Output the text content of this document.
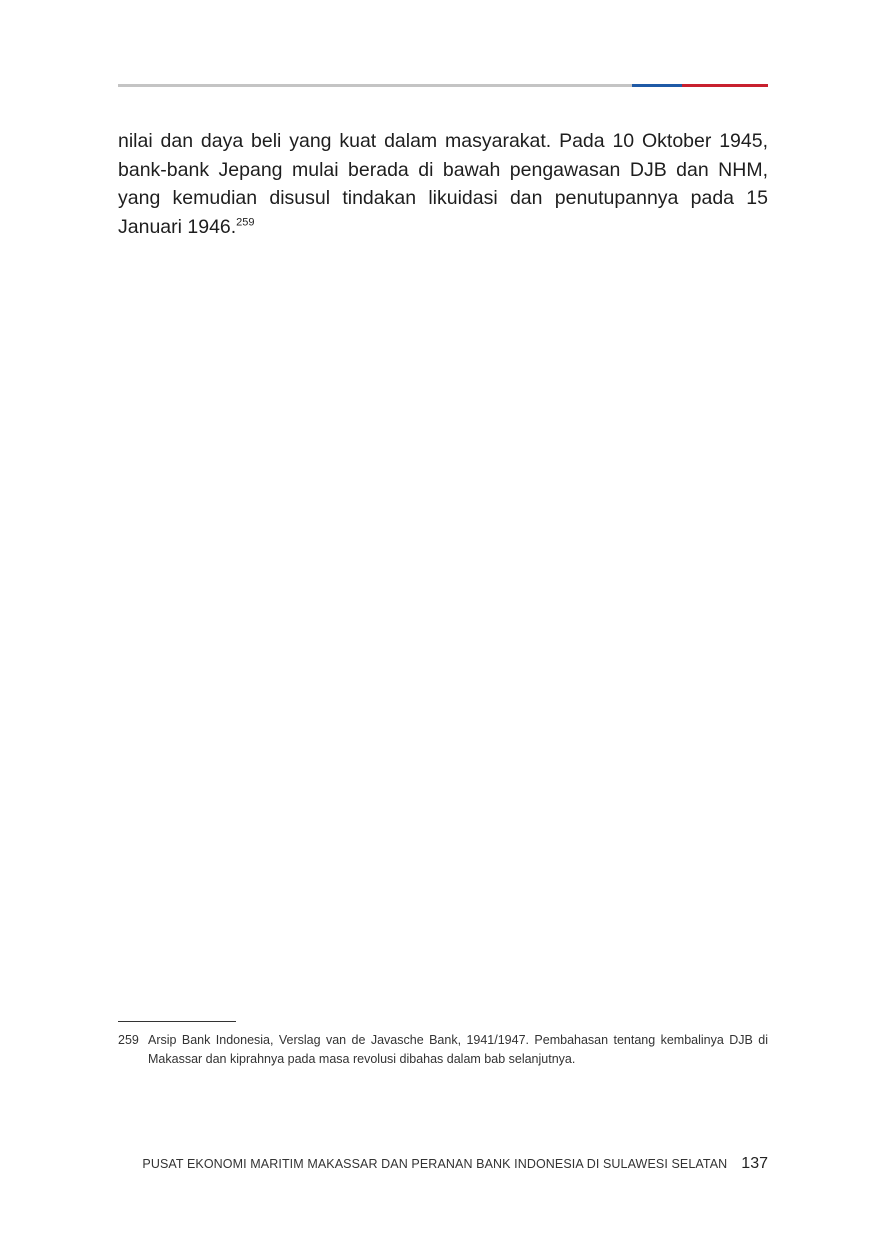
nilai dan daya beli yang kuat dalam masyarakat. Pada 10 Oktober 1945, bank-bank Jepang mulai berada di bawah pengawasan DJB dan NHM, yang kemudian disusul tindakan likuidasi dan penutupannya pada 15 Januari 1946.$^{259}$

259 Arsip Bank Indonesia, Verslag van de Javasche Bank, 1941/1947. Pembahasan tentang kembalinya DJB di Makassar dan kiprahnya pada masa revolusi dibahas dalam bab selanjutnya.
PUSAT EKONOMI MARITIM MAKASSAR DAN PERANAN BANK INDONESIA DI SULAWESI SELATAN 137
